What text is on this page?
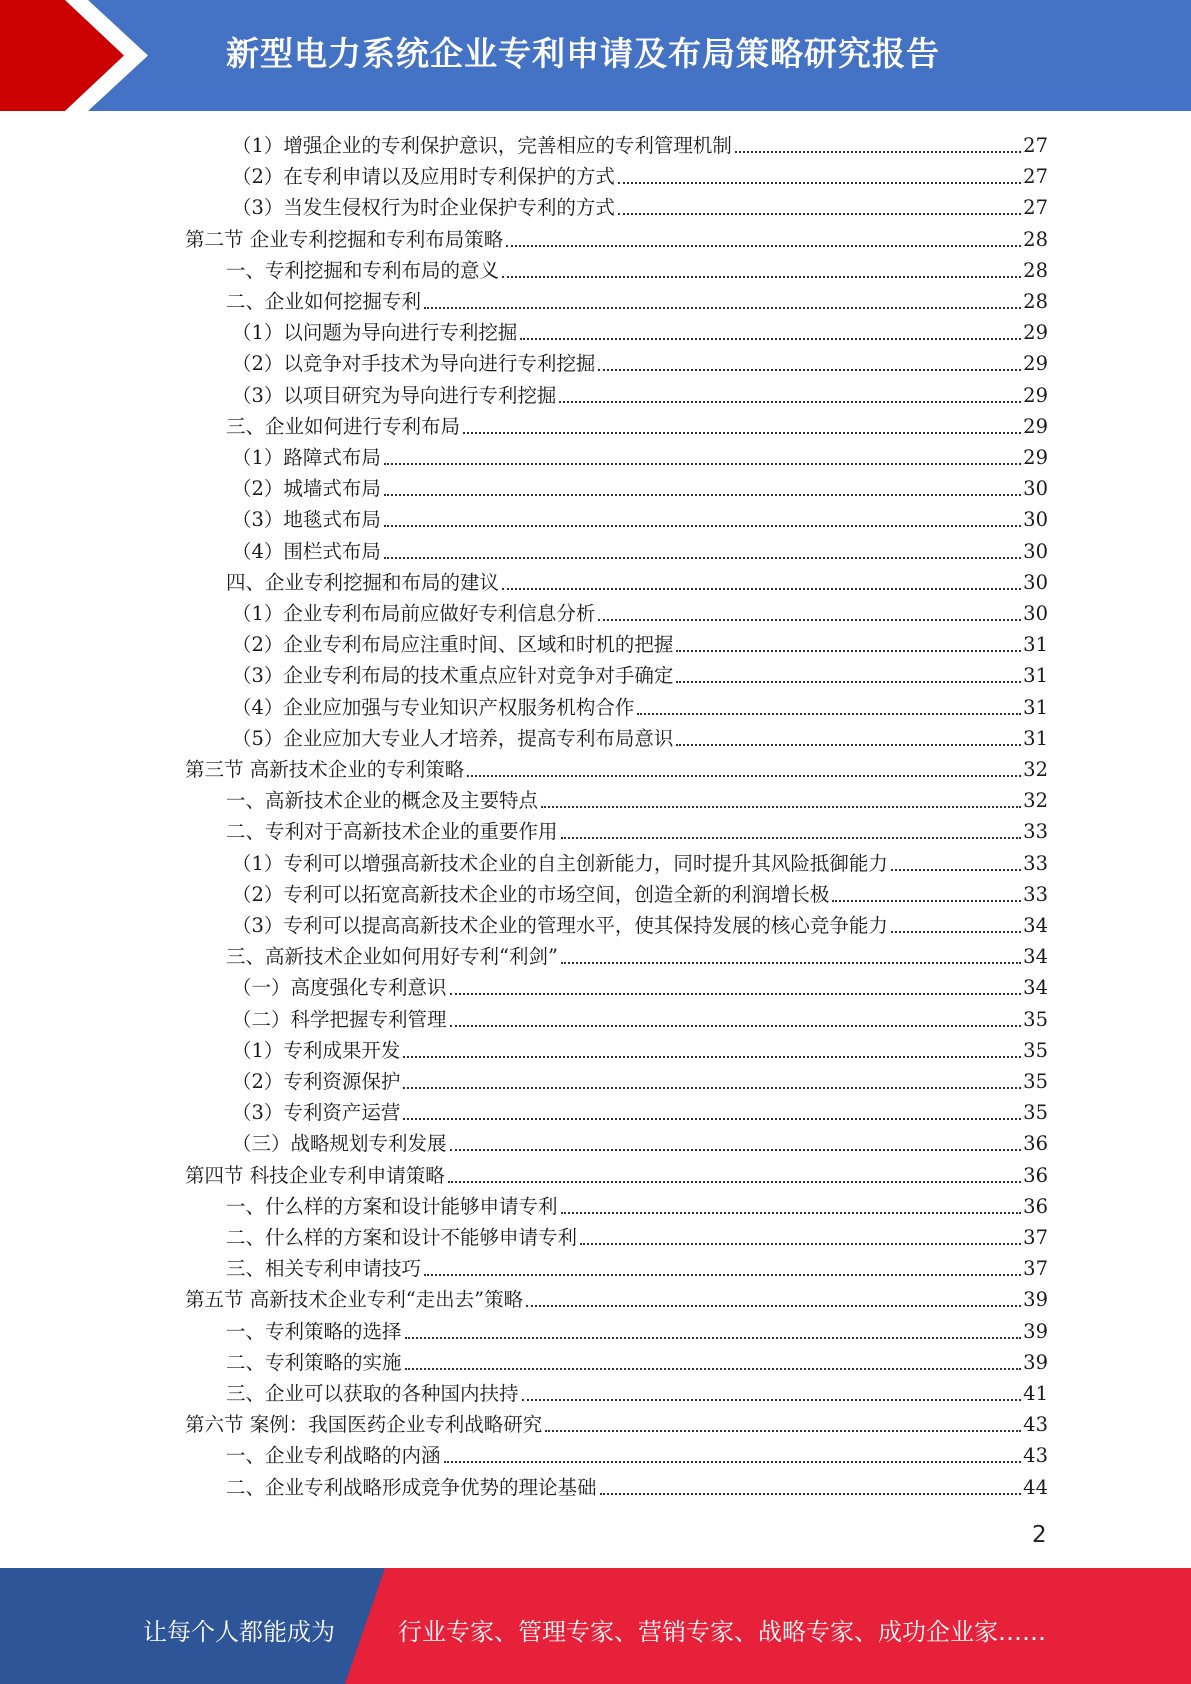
新型电力系统企业专利申请及布局策略研究报告
（1）增强企业的专利保护意识，完善相应的专利管理机制	27
（2）在专利申请以及应用时专利保护的方式	27
（3）当发生侵权行为时企业保护专利的方式	27
第二节 企业专利挖掘和专利布局策略	28
一、专利挖掘和专利布局的意义	28
二、企业如何挖掘专利	28
（1）以问题为导向进行专利挖掘	29
（2）以竞争对手技术为导向进行专利挖掘	29
（3）以项目研究为导向进行专利挖掘	29
三、企业如何进行专利布局	29
（1）路障式布局	29
（2）城墙式布局	30
（3）地毯式布局	30
（4）围栏式布局	30
四、企业专利挖掘和布局的建议	30
（1）企业专利布局前应做好专利信息分析	30
（2）企业专利布局应注重时间、区域和时机的把握	31
（3）企业专利布局的技术重点应针对竞争对手确定	31
（4）企业应加强与专业知识产权服务机构合作	31
（5）企业应加大专业人才培养，提高专利布局意识	31
第三节 高新技术企业的专利策略	32
一、高新技术企业的概念及主要特点	32
二、专利对于高新技术企业的重要作用	33
（1）专利可以增强高新技术企业的自主创新能力，同时提升其风险抵御能力	33
（2）专利可以拓宽高新技术企业的市场空间，创造全新的利润增长极	33
（3）专利可以提高高新技术企业的管理水平，使其保持发展的核心竞争能力	34
三、高新技术企业如何用好专利“利剑”	34
（一）高度强化专利意识	34
（二）科学把握专利管理	35
（1）专利成果开发	35
（2）专利资源保护	35
（3）专利资产运营	35
（三）战略规划专利发展	36
第四节 科技企业专利申请策略	36
一、什么样的方案和设计能够申请专利	36
二、什么样的方案和设计不能够申请专利	37
三、相关专利申请技巧	37
第五节 高新技术企业专利“走出去”策略	39
一、专利策略的选择	39
二、专利策略的实施	39
三、企业可以获取的各种国内扶持	41
第六节 案例：我国医药企业专利战略研究	43
一、企业专利战略的内涵	43
二、企业专利战略形成竞争优势的理论基础	44
2
让每个人都能成为	行业专家、管理专家、营销专家、战略专家、成功企业家……
